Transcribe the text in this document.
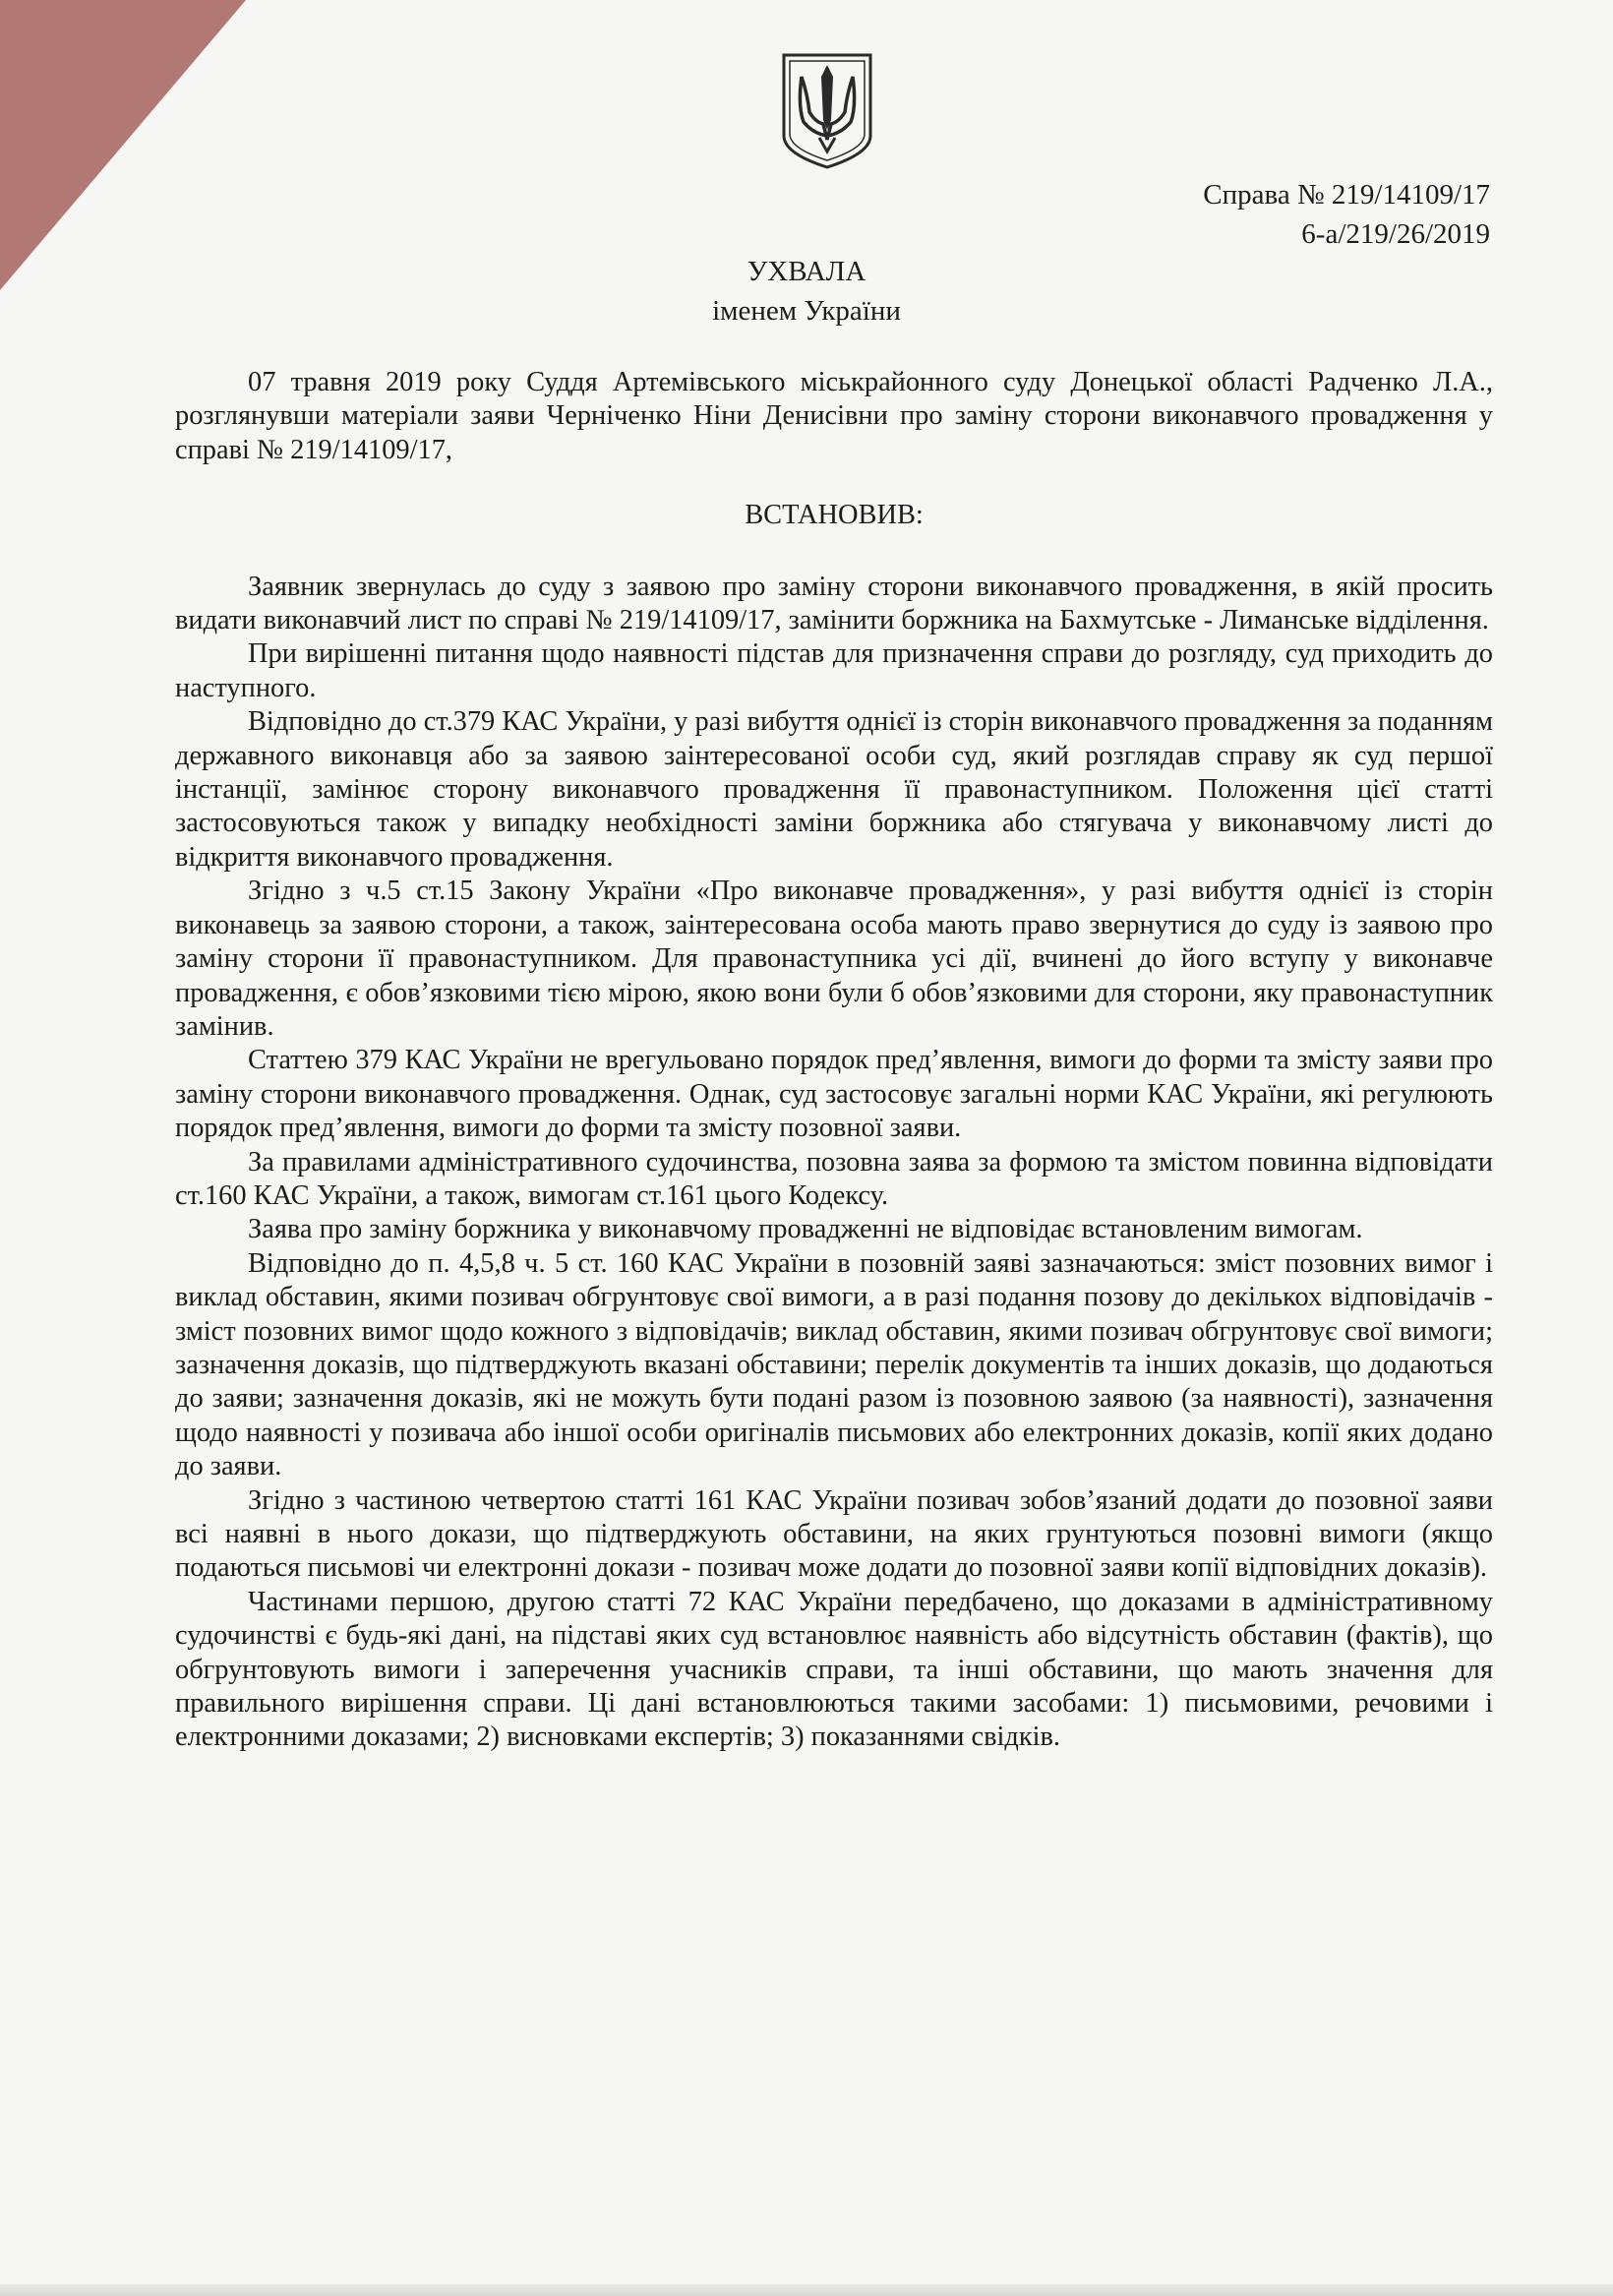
Справа № 219/14109/17
6-а/219/26/2019
УХВАЛА
іменем України

07 травня 2019 року Суддя Артемівського міськрайонного суду Донецької області Радченко Л.А., розглянувши матеріали заяви Черніченко Ніни Денисівни про заміну сторони виконавчого провадження у справі № 219/14109/17,

ВСТАНОВИВ:

Заявник звернулась до суду з заявою про заміну сторони виконавчого провадження, в якій просить видати виконавчий лист по справі № 219/14109/17, замінити боржника на Бахмутське - Лиманське відділення.

При вирішенні питання щодо наявності підстав для призначення справи до розгляду, суд приходить до наступного.

Відповідно до ст.379 КАС України, у разі вибуття однієї із сторін виконавчого провадження за поданням державного виконавця або за заявою заінтересованої особи суд, який розглядав справу як суд першої інстанції, замінює сторону виконавчого провадження її правонаступником. Положення цієї статті застосовуються також у випадку необхідності заміни боржника або стягувача у виконавчому листі до відкриття виконавчого провадження.

Згідно з ч.5 ст.15 Закону України «Про виконавче провадження», у разі вибуття однієї із сторін виконавець за заявою сторони, а також, заінтересована особа мають право звернутися до суду із заявою про заміну сторони її правонаступником. Для правонаступника усі дії, вчинені до його вступу у виконавче провадження, є обов’язковими тією мірою, якою вони були б обов’язковими для сторони, яку правонаступник замінив.

Статтею 379 КАС України не врегульовано порядок пред’явлення, вимоги до форми та змісту заяви про заміну сторони виконавчого провадження. Однак, суд застосовує загальні норми КАС України, які регулюють порядок пред’явлення, вимоги до форми та змісту позовної заяви.

За правилами адміністративного судочинства, позовна заява за формою та змістом повинна відповідати ст.160 КАС України, а також, вимогам ст.161 цього Кодексу.

Заява про заміну боржника у виконавчому провадженні не відповідає встановленим вимогам.

Відповідно до п. 4,5,8 ч. 5 ст. 160 КАС України в позовній заяві зазначаються: зміст позовних вимог і виклад обставин, якими позивач обгрунтовує свої вимоги, а в разі подання позову до декількох відповідачів - зміст позовних вимог щодо кожного з відповідачів; виклад обставин, якими позивач обгрунтовує свої вимоги; зазначення доказів, що підтверджують вказані обставини; перелік документів та інших доказів, що додаються до заяви; зазначення доказів, які не можуть бути подані разом із позовною заявою (за наявності), зазначення щодо наявності у позивача або іншої особи оригіналів письмових або електронних доказів, копії яких додано до заяви.

Згідно з частиною четвертою статті 161 КАС України позивач зобов’язаний додати до позовної заяви всі наявні в нього докази, що підтверджують обставини, на яких грунтуються позовні вимоги (якщо подаються письмові чи електронні докази - позивач може додати до позовної заяви копії відповідних доказів).

Частинами першою, другою статті 72 КАС України передбачено, що доказами в адміністративному судочинстві є будь-які дані, на підставі яких суд встановлює наявність або відсутність обставин (фактів), що обгрунтовують вимоги і заперечення учасників справи, та інші обставини, що мають значення для правильного вирішення справи. Ці дані встановлюються такими засобами: 1) письмовими, речовими і електронними доказами; 2) висновками експертів; 3) показаннями свідків.
